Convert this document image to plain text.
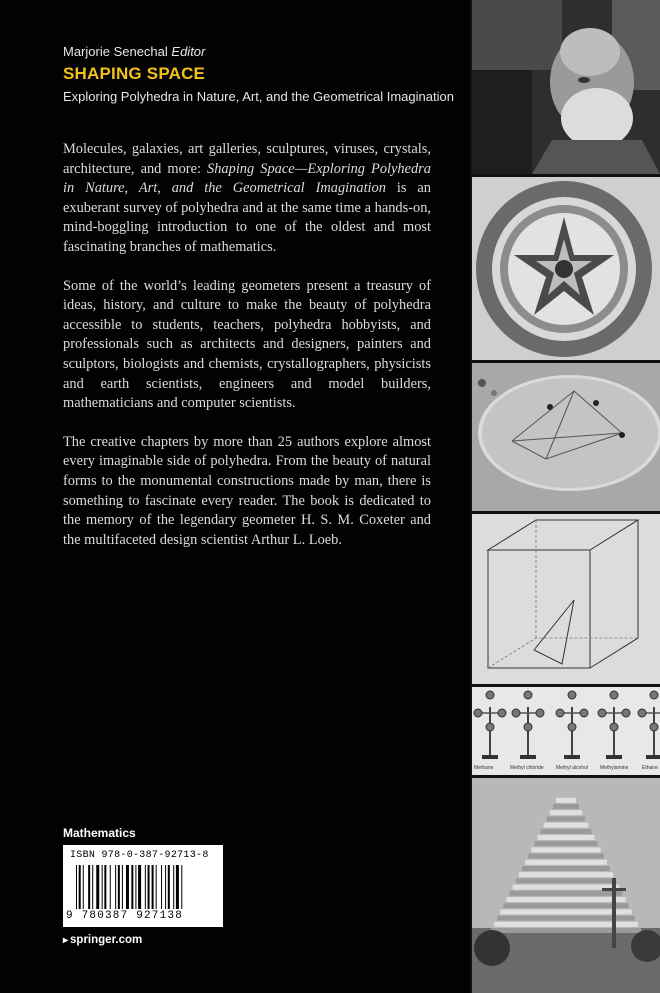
Marjorie Senechal Editor
SHAPING SPACE
Exploring Polyhedra in Nature, Art, and the Geometrical Imagination

Molecules, galaxies, art galleries, sculptures, viruses, crystals, architecture, and more: Shaping Space—Exploring Polyhedra in Nature, Art, and the Geometrical Imagination is an exuberant survey of polyhedra and at the same time a hands-on, mind-boggling introduction to one of the oldest and most fascinating branches of mathematics.

Some of the world’s leading geometers present a treasury of ideas, history, and culture to make the beauty of polyhedra accessible to students, teachers, polyhedra hobbyists, and professionals such as architects and designers, painters and sculptors, biologists and chemists, crystallographers, physicists and earth scientists, engineers and model builders, mathematicians and computer scientists.

The creative chapters by more than 25 authors explore almost every imaginable side of polyhedra. From the beauty of natural forms to the monumental constructions made by man, there is something to fascinate every reader. The book is dedicated to the memory of the legendary geometer H. S. M. Coxeter and the multifaceted design scientist Arthur L. Loeb.

Mathematics
ISBN 978-0-387-92713-8
9 780387 927138
▸ springer.com
Methane	Methyl chloride Methyl alcohol Methylamine	Ethane
